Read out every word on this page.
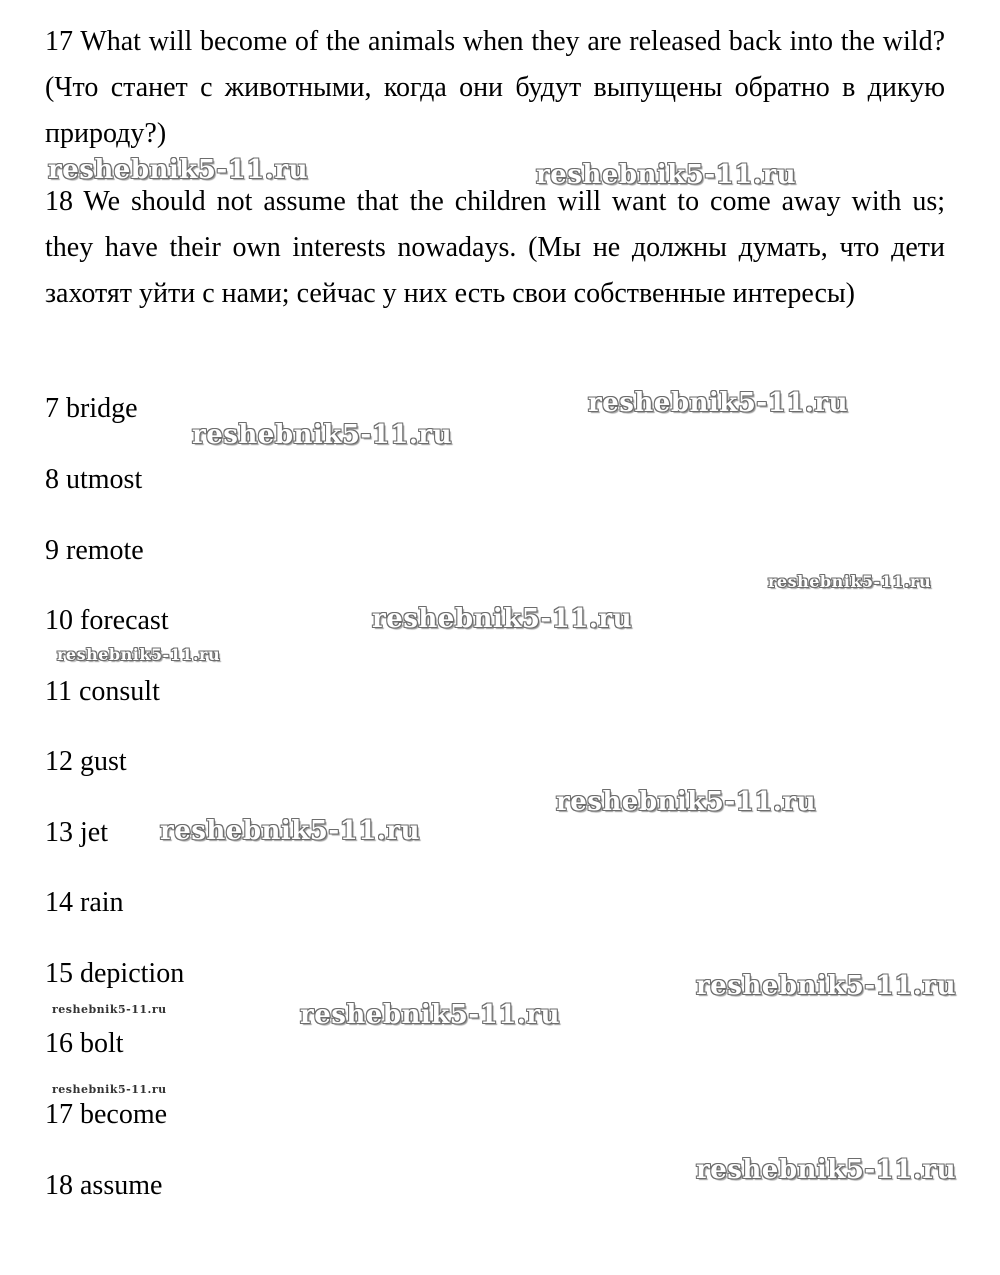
17 What will become of the animals when they are released back into the wild? (Что станет с животными, когда они будут выпущены обратно в дикую природу?)

18 We should not assume that the children will want to come away with us; they have their own interests nowadays. (Мы не должны думать, что дети захотят уйти с нами; сейчас у них есть свои собственные интересы)

7 bridge

8 utmost

9 remote

10 forecast

11 consult

12 gust

13 jet

14 rain

15 depiction

16 bolt

17 become

18 assume

reshebnik5-11.ru	reshebnik5-11.ru
reshebnik5-11.ru
reshebnik5-11.ru
reshebnik5-11.ru
reshebnik5-11.ru
reshebnik5-11.ru
reshebnik5-11.ru
reshebnik5-11.ru
reshebnik5-11.ru
reshebnik5-11.ru	reshebnik5-11.ru
reshebnik5-11.ru
reshebnik5-11.ru
